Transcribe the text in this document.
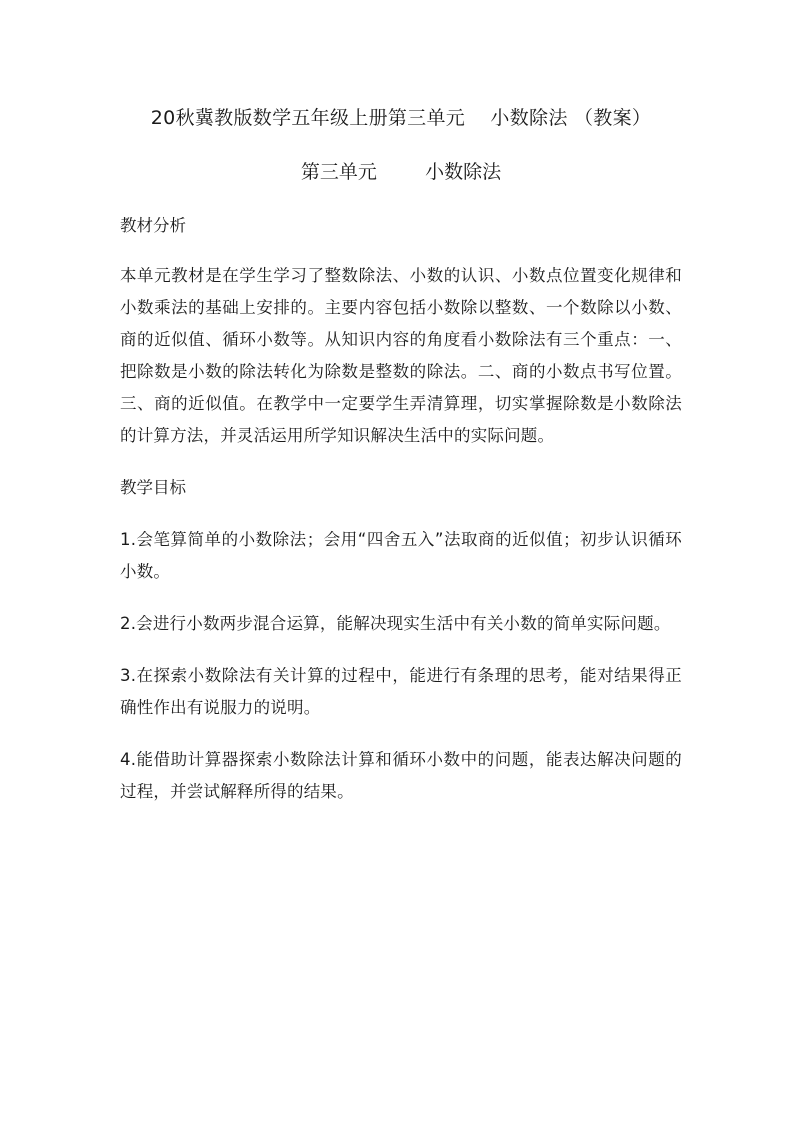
20秋冀教版数学五年级上册第三单元    小数除法 （教案）

第三单元        小数除法

教材分析

本单元教材是在学生学习了整数除法、小数的认识、小数点位置变化规律和小数乘法的基础上安排的。主要内容包括小数除以整数、一个数除以小数、商的近似值、循环小数等。从知识内容的角度看小数除法有三个重点：一、把除数是小数的除法转化为除数是整数的除法。二、商的小数点书写位置。三、商的近似值。在教学中一定要学生弄清算理，切实掌握除数是小数除法的计算方法，并灵活运用所学知识解决生活中的实际问题。

教学目标

1.会笔算简单的小数除法；会用“四舍五入”法取商的近似值；初步认识循环小数。

2.会进行小数两步混合运算，能解决现实生活中有关小数的简单实际问题。

3.在探索小数除法有关计算的过程中，能进行有条理的思考，能对结果得正确性作出有说服力的说明。

4.能借助计算器探索小数除法计算和循环小数中的问题，能表达解决问题的过程，并尝试解释所得的结果。
